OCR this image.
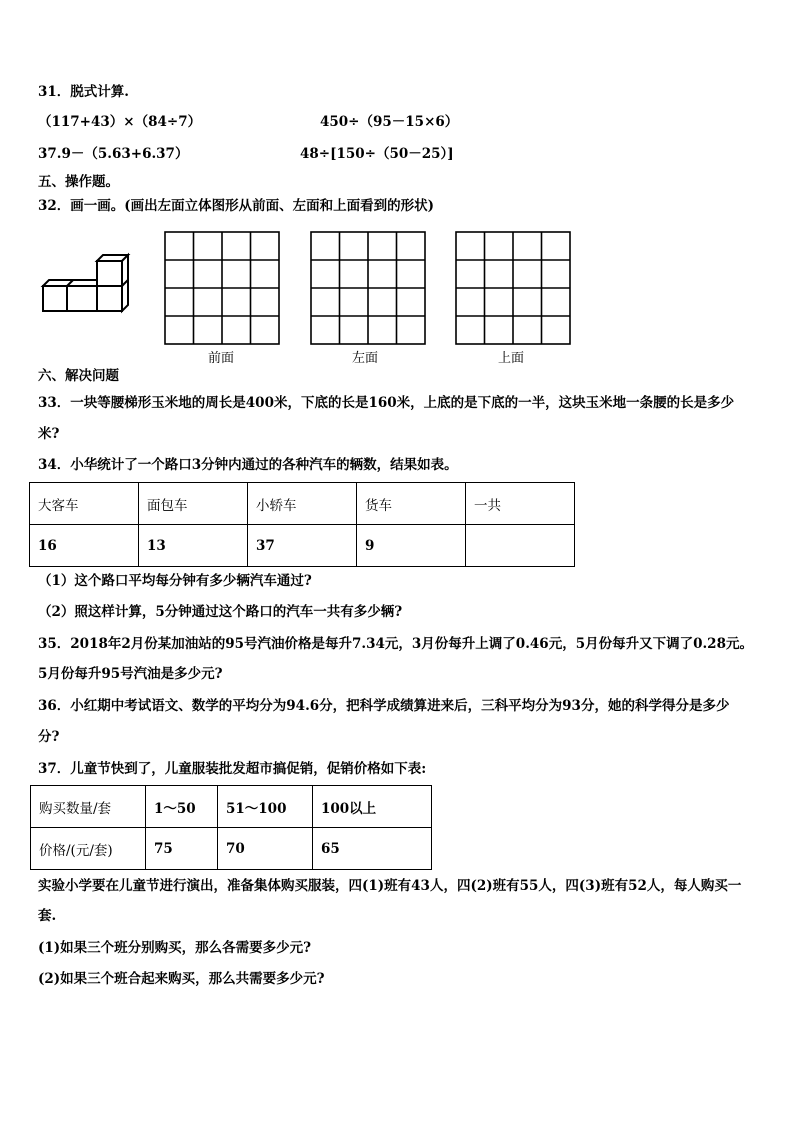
31．脱式计算.
（117+43）×（84÷7）	450÷（95－15×6）
37.9－（5.63+6.37）	48÷[150÷（50－25）]
五、操作题。
32．画一画。(画出左面立体图形从前面、左面和上面看到的形状)
前面	左面	上面
六、解决问题
33．一块等腰梯形玉米地的周长是400米，下底的长是160米，上底的是下底的一半，这块玉米地一条腰的长是多少
米?
34．小华统计了一个路口3分钟内通过的各种汽车的辆数，结果如表。
大客车	面包车	小轿车	货车	一共
16	13	37	9	
（1）这个路口平均每分钟有多少辆汽车通过?
（2）照这样计算，5分钟通过这个路口的汽车一共有多少辆?
35．2018年2月份某加油站的95号汽油价格是每升7.34元，3月份每升上调了0.46元，5月份每升又下调了0.28元。
5月份每升95号汽油是多少元?
36．小红期中考试语文、数学的平均分为94.6分，把科学成绩算进来后，三科平均分为93分，她的科学得分是多少
分?
37．儿童节快到了，儿童服装批发超市搞促销，促销价格如下表:
购买数量/套	1～50	51～100	100以上
价格/(元/套)	75	70	65
实验小学要在儿童节进行演出，准备集体购买服装，四(1)班有43人，四(2)班有55人，四(3)班有52人，每人购买一
套.
(1)如果三个班分别购买，那么各需要多少元?
(2)如果三个班合起来购买，那么共需要多少元?
